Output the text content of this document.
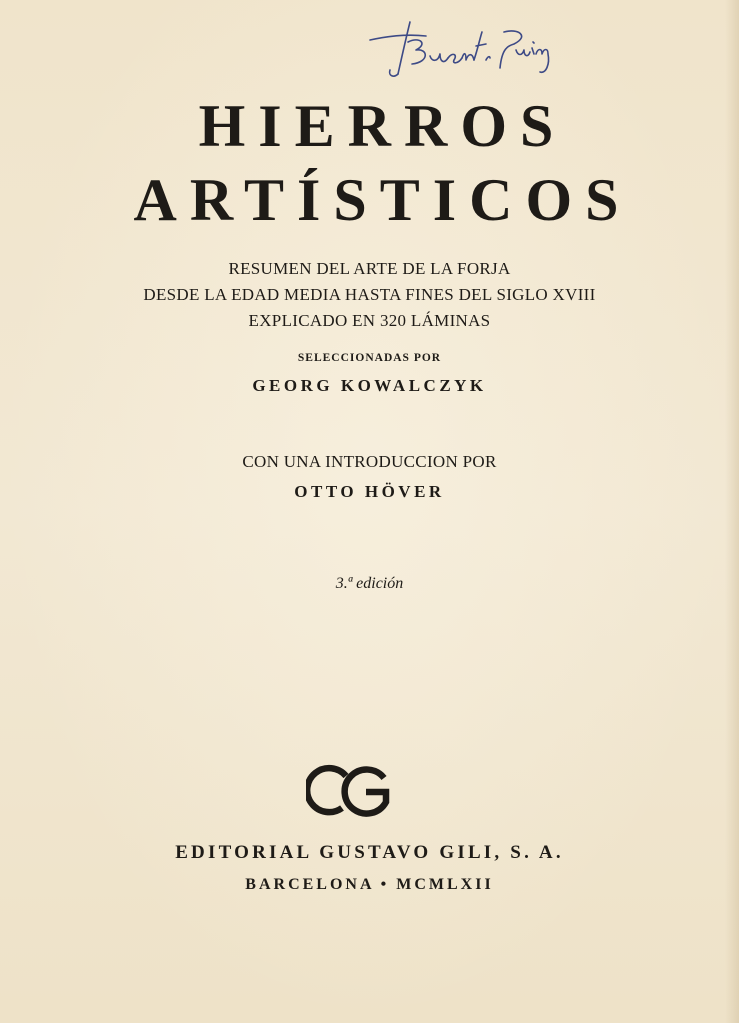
HIERROS
ARTÍSTICOS
RESUMEN DEL ARTE DE LA FORJA
DESDE LA EDAD MEDIA HASTA FINES DEL SIGLO XVIII
EXPLICADO EN 320 LÁMINAS
SELECCIONADAS POR
GEORG KOWALCZYK
CON UNA INTRODUCCION POR
OTTO HÖVER
3.ª edición
EDITORIAL GUSTAVO GILI, S. A.
BARCELONA • MCMLXII
